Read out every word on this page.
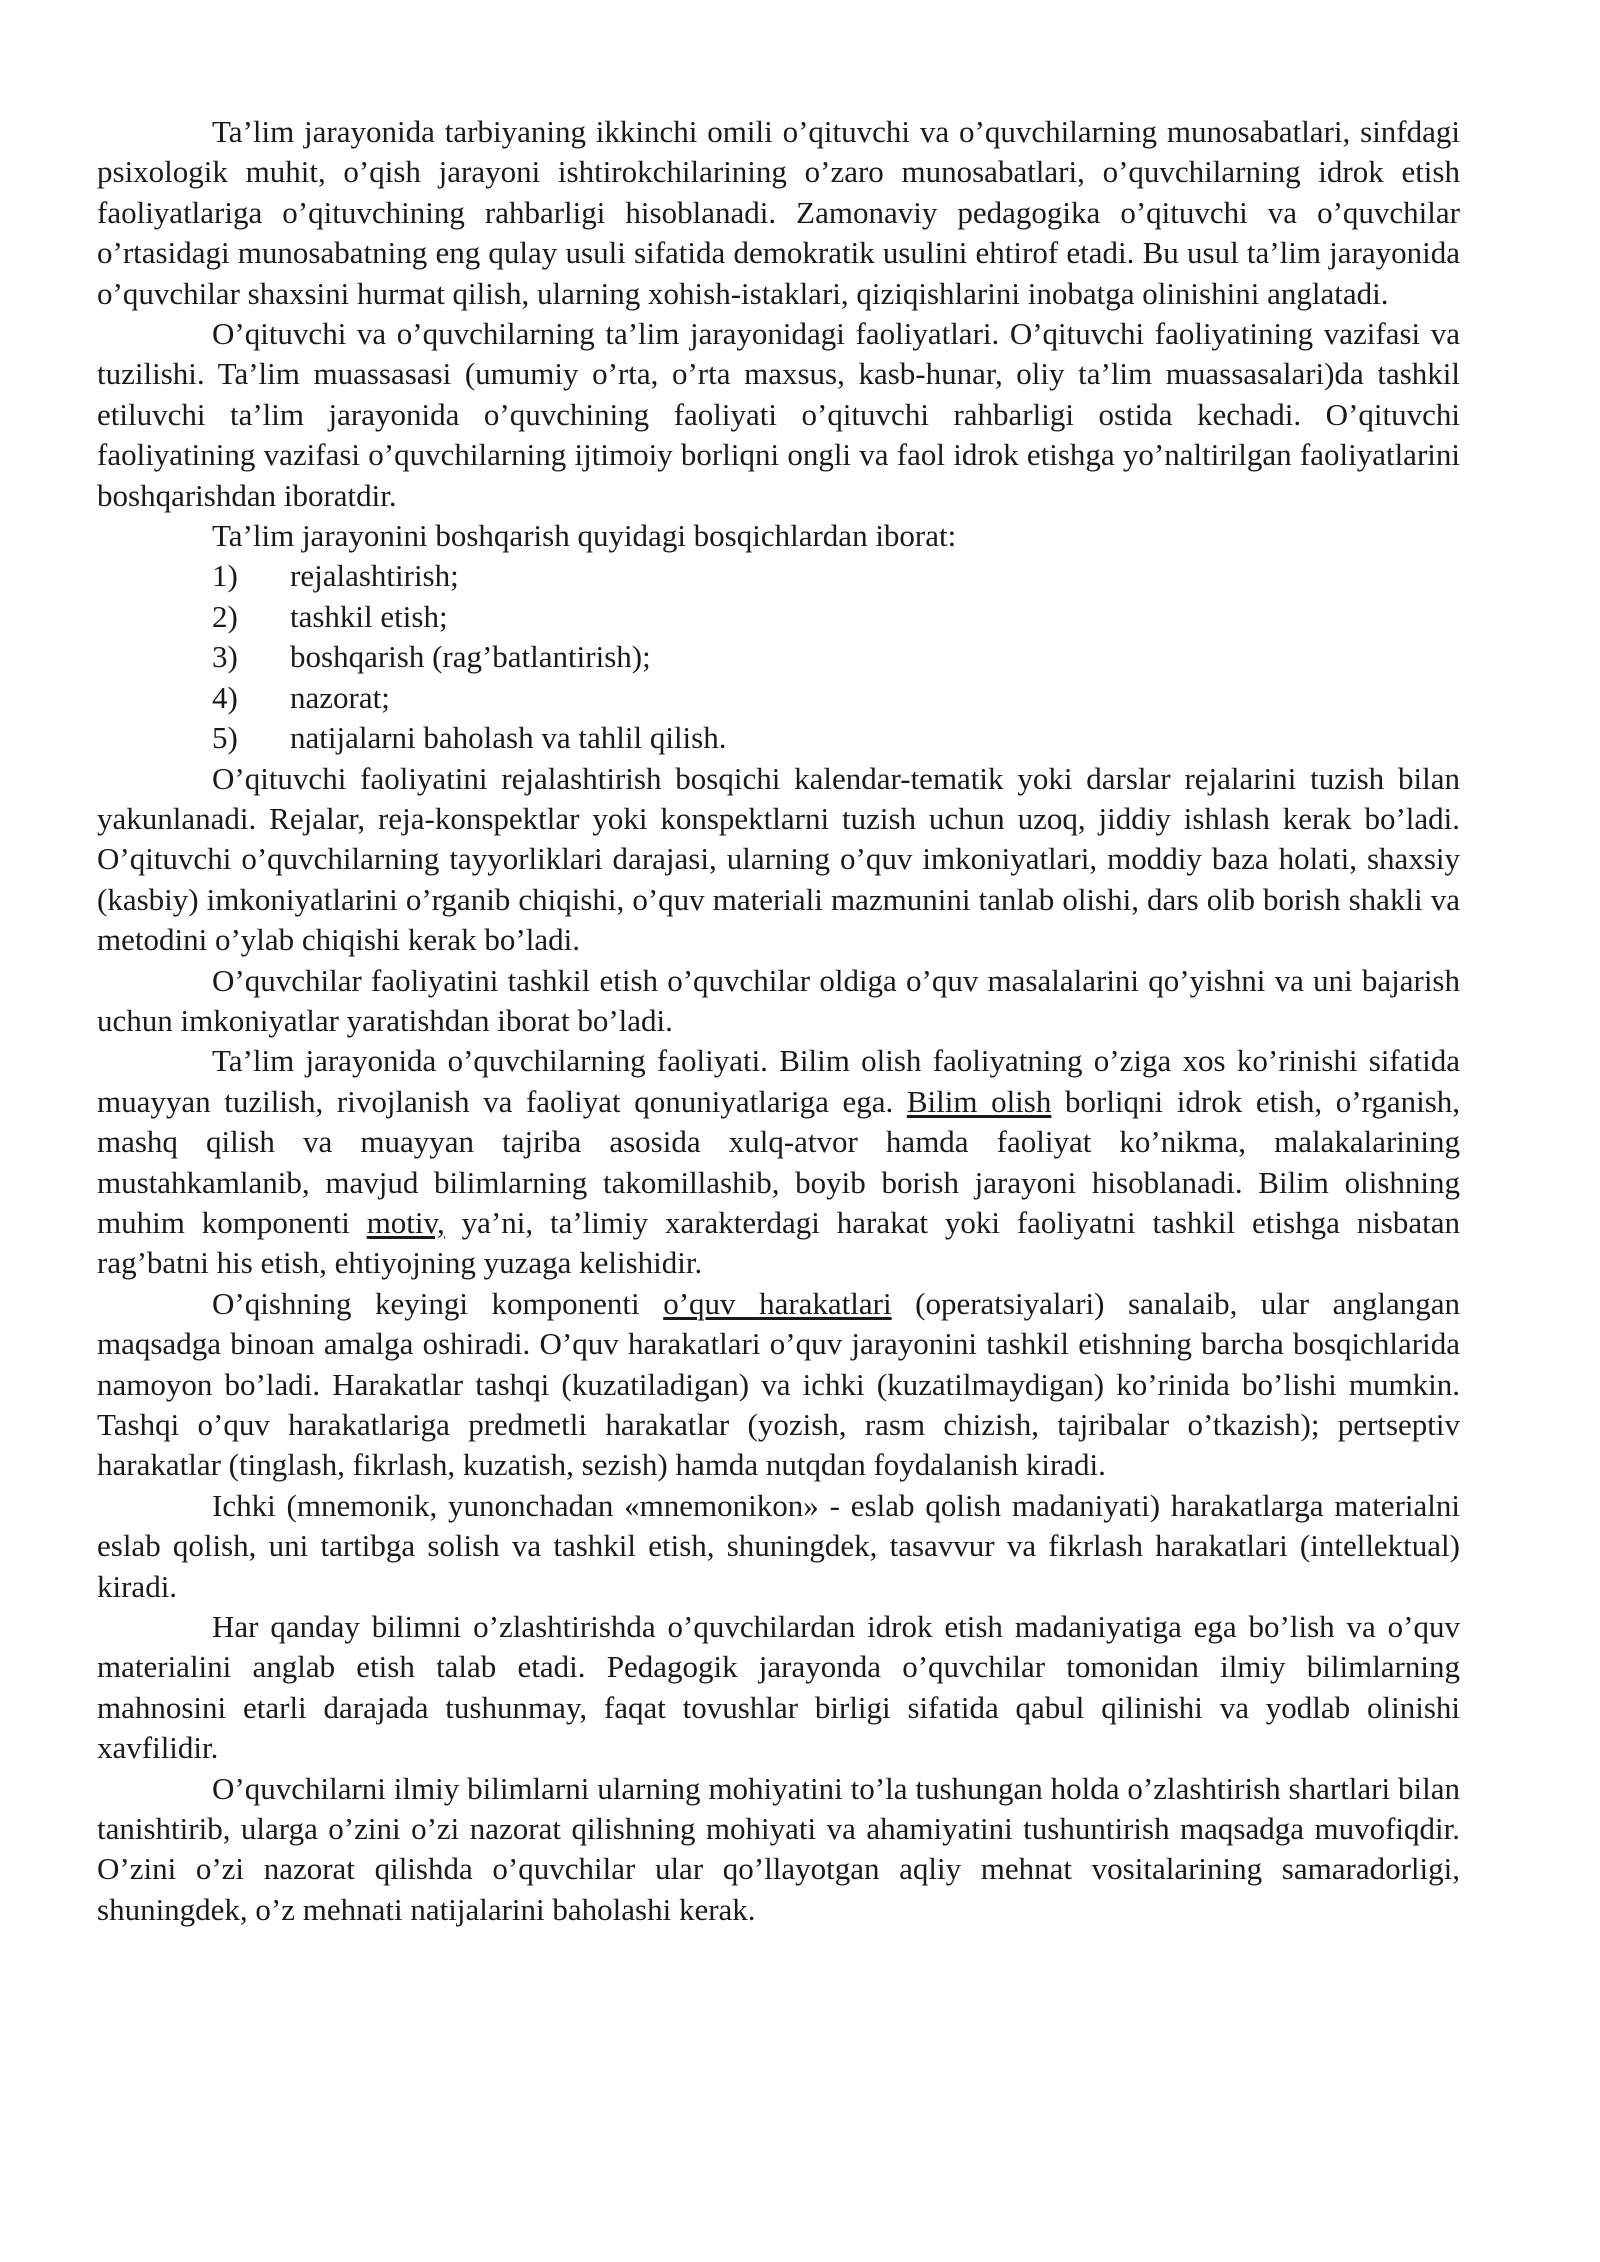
Ta’lim jarayonida tarbiyaning ikkinchi omili o’qituvchi va o’quvchilarning munosabatlari, sinfdagi psixologik muhit, o’qish jarayoni ishtirokchilarining o’zaro munosabatlari, o’quvchilarning idrok etish faoliyatlariga o’qituvchining rahbarligi hisoblanadi. Zamonaviy pedagogika o’qituvchi va o’quvchilar o’rtasidagi munosabatning eng qulay usuli sifatida demokratik usulini ehtirof etadi. Bu usul ta’lim jarayonida o’quvchilar shaxsini hurmat qilish, ularning xohish-istaklari, qiziqishlarini inobatga olinishini anglatadi.

O’qituvchi va o’quvchilarning ta’lim jarayonidagi faoliyatlari. O’qituvchi faoliyatining vazifasi va tuzilishi. Ta’lim muassasasi (umumiy o’rta, o’rta maxsus, kasb-hunar, oliy ta’lim muassasalari)da tashkil etiluvchi ta’lim jarayonida o’quvchining faoliyati o’qituvchi rahbarligi ostida kechadi. O’qituvchi faoliyatining vazifasi o’quvchilarning ijtimoiy borliqni ongli va faol idrok etishga yo’naltirilgan faoliyatlarini boshqarishdan iboratdir.

Ta’lim jarayonini boshqarish quyidagi bosqichlardan iborat:

1)	rejalashtirish;
2)	tashkil etish;
3)	boshqarish (rag’batlantirish);
4)	nazorat;
5)	natijalarni baholash va tahlil qilish.

O’qituvchi faoliyatini rejalashtirish bosqichi kalendar-tematik yoki darslar rejalarini tuzish bilan yakunlanadi. Rejalar, reja-konspektlar yoki konspektlarni tuzish uchun uzoq, jiddiy ishlash kerak bo’ladi. O’qituvchi o’quvchilarning tayyorliklari darajasi, ularning o’quv imkoniyatlari, moddiy baza holati, shaxsiy (kasbiy) imkoniyatlarini o’rganib chiqishi, o’quv materiali mazmunini tanlab olishi, dars olib borish shakli va metodini o’ylab chiqishi kerak bo’ladi.

O’quvchilar faoliyatini tashkil etish o’quvchilar oldiga o’quv masalalarini qo’yishni va uni bajarish uchun imkoniyatlar yaratishdan iborat bo’ladi.

Ta’lim jarayonida o’quvchilarning faoliyati. Bilim olish faoliyatning o’ziga xos ko’rinishi sifatida muayyan tuzilish, rivojlanish va faoliyat qonuniyatlariga ega. Bilim olish borliqni idrok etish, o’rganish, mashq qilish va muayyan tajriba asosida xulq-atvor hamda faoliyat ko’nikma, malakalarining mustahkamlanib, mavjud bilimlarning takomillashib, boyib borish jarayoni hisoblanadi. Bilim olishning muhim komponenti motiv, ya’ni, ta’limiy xarakterdagi harakat yoki faoliyatni tashkil etishga nisbatan rag’batni his etish, ehtiyojning yuzaga kelishidir.

O’qishning keyingi komponenti o’quv harakatlari (operatsiyalari) sanalaib, ular anglangan maqsadga binoan amalga oshiradi. O’quv harakatlari o’quv jarayonini tashkil etishning barcha bosqichlarida namoyon bo’ladi. Harakatlar tashqi (kuzatiladigan) va ichki (kuzatilmaydigan) ko’rinida bo’lishi mumkin. Tashqi o’quv harakatlariga predmetli harakatlar (yozish, rasm chizish, tajribalar o’tkazish); pertseptiv harakatlar (tinglash, fikrlash, kuzatish, sezish) hamda nutqdan foydalanish kiradi.

Ichki (mnemonik, yunonchadan «mnemonikon» - eslab qolish madaniyati) harakatlarga materialni eslab qolish, uni tartibga solish va tashkil etish, shuningdek, tasavvur va fikrlash harakatlari (intellektual) kiradi.

Har qanday bilimni o’zlashtirishda o’quvchilardan idrok etish madaniyatiga ega bo’lish va o’quv materialini anglab etish talab etadi. Pedagogik jarayonda o’quvchilar tomonidan ilmiy bilimlarning mahnosini etarli darajada tushunmay, faqat tovushlar birligi sifatida qabul qilinishi va yodlab olinishi xavfilidir.

O’quvchilarni ilmiy bilimlarni ularning mohiyatini to’la tushungan holda o’zlashtirish shartlari bilan tanishtirib, ularga o’zini o’zi nazorat qilishning mohiyati va ahamiyatini tushuntirish maqsadga muvofiqdir. O’zini o’zi nazorat qilishda o’quvchilar ular qo’llayotgan aqliy mehnat vositalarining samaradorligi, shuningdek, o’z mehnati natijalarini baholashi kerak.
